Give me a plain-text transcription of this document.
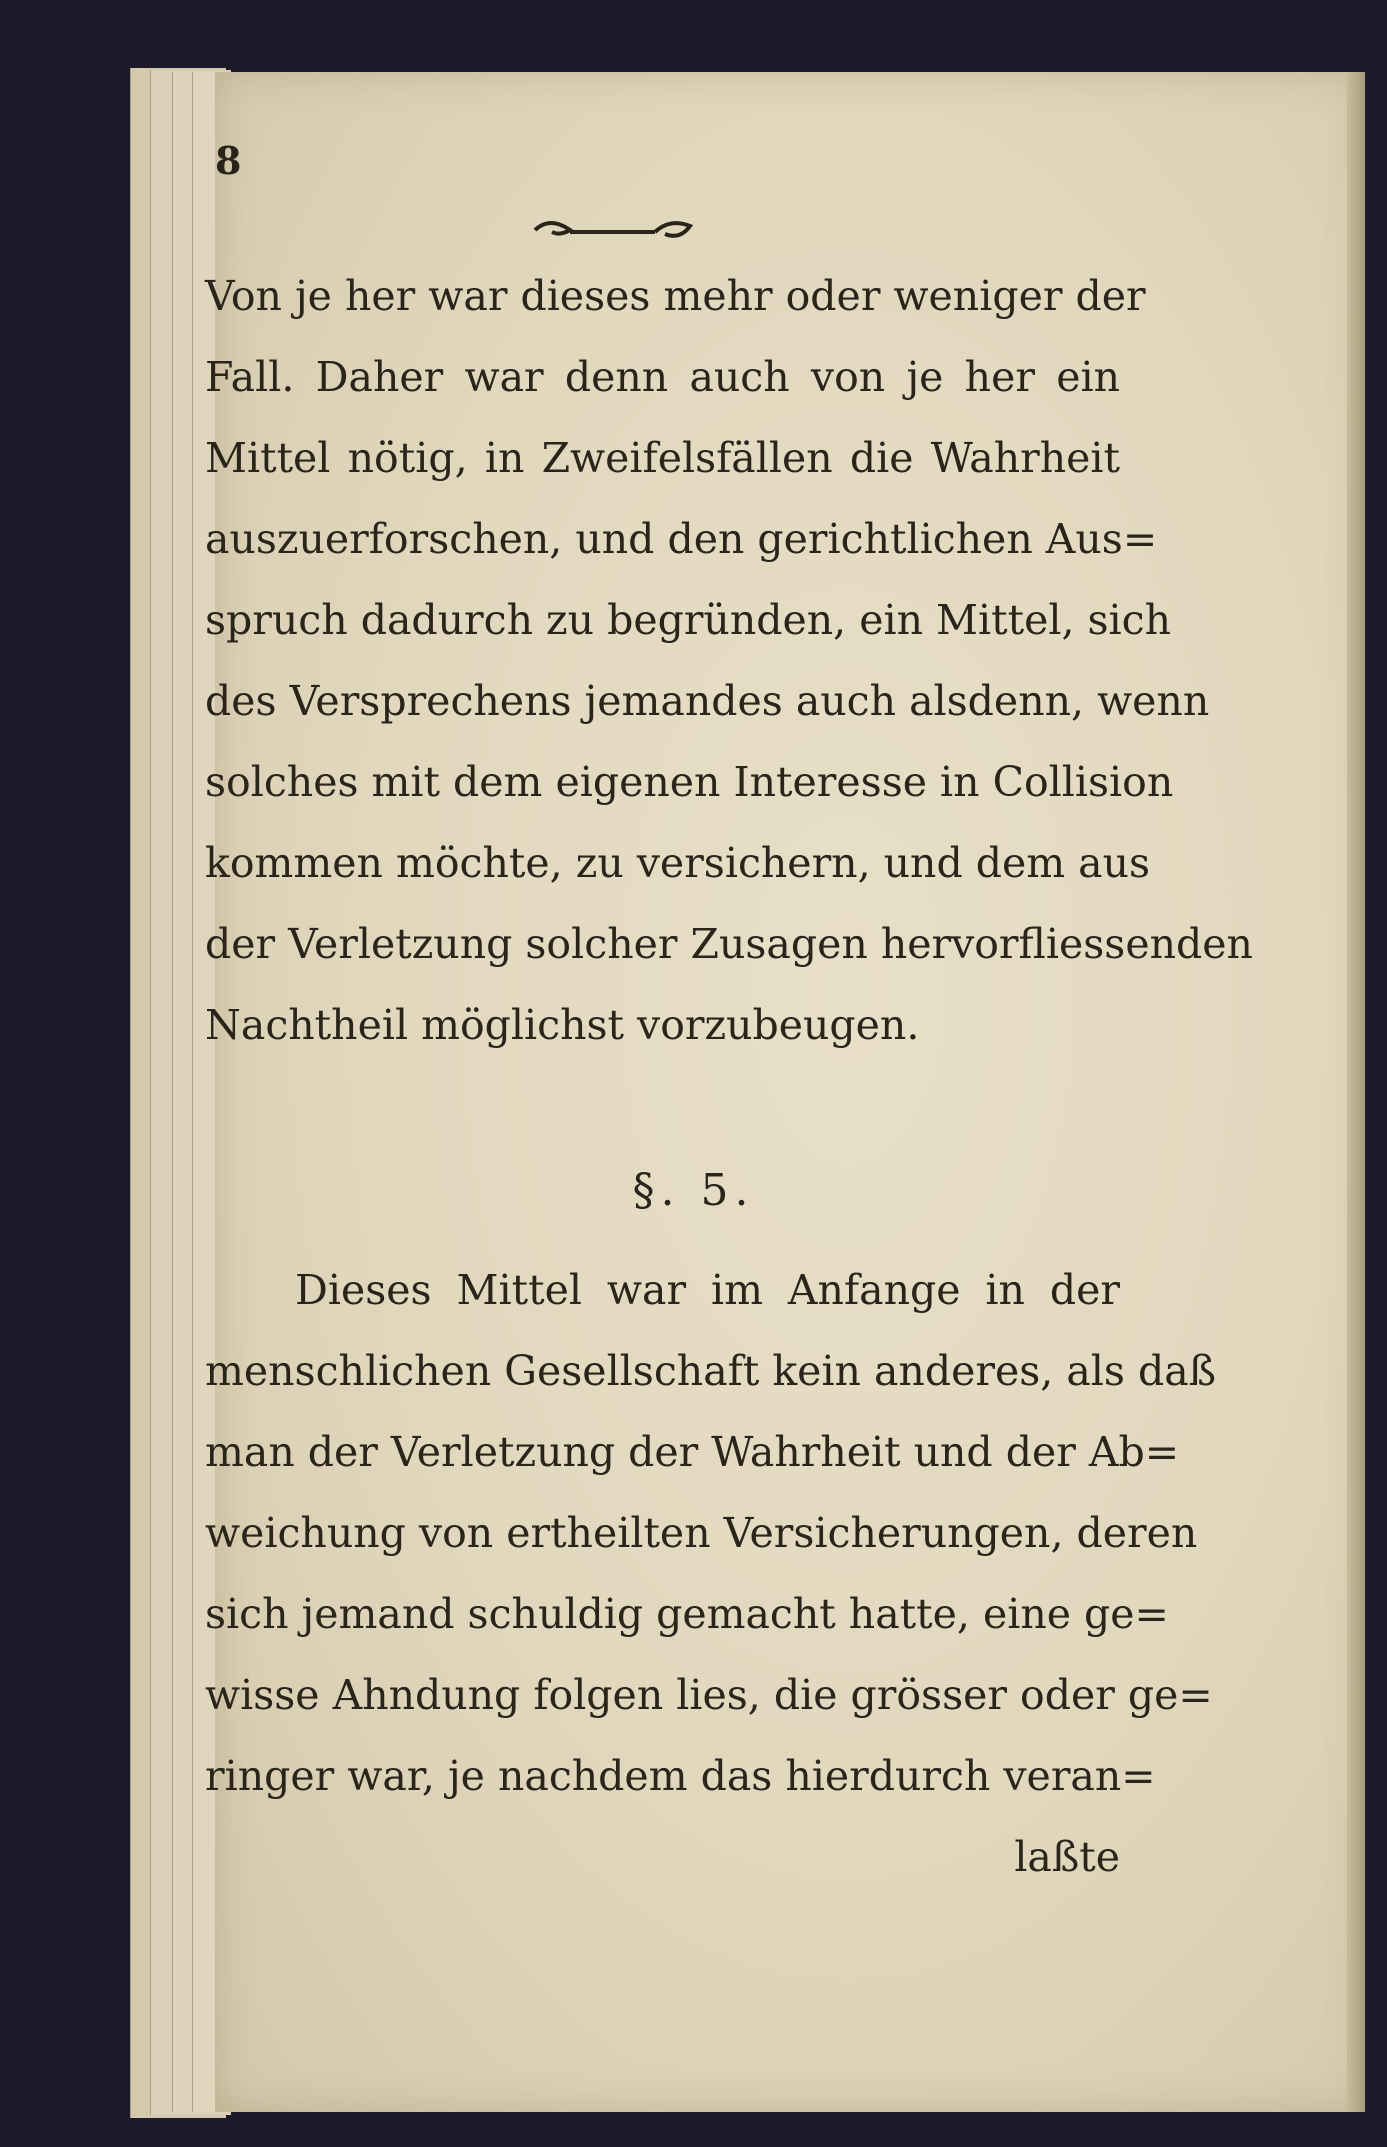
8
Von je her war dieses mehr oder weniger der
Fall. Daher war denn auch von je her ein
Mittel nötig, in Zweifelsfällen die Wahrheit
auszuerforschen, und den gerichtlichen Aus=
spruch dadurch zu begründen, ein Mittel, sich
des Versprechens jemandes auch alsdenn, wenn
solches mit dem eigenen Interesse in Collision
kommen möchte, zu versichern, und dem aus
der Verletzung solcher Zusagen hervorfliessenden
Nachtheil möglichst vorzubeugen.
§. 5.
Dieses Mittel war im Anfange in der
menschlichen Gesellschaft kein anderes, als daß
man der Verletzung der Wahrheit und der Ab=
weichung von ertheilten Versicherungen, deren
sich jemand schuldig gemacht hatte, eine ge=
wisse Ahndung folgen lies, die grösser oder ge=
ringer war, je nachdem das hierdurch veran=
laßte
